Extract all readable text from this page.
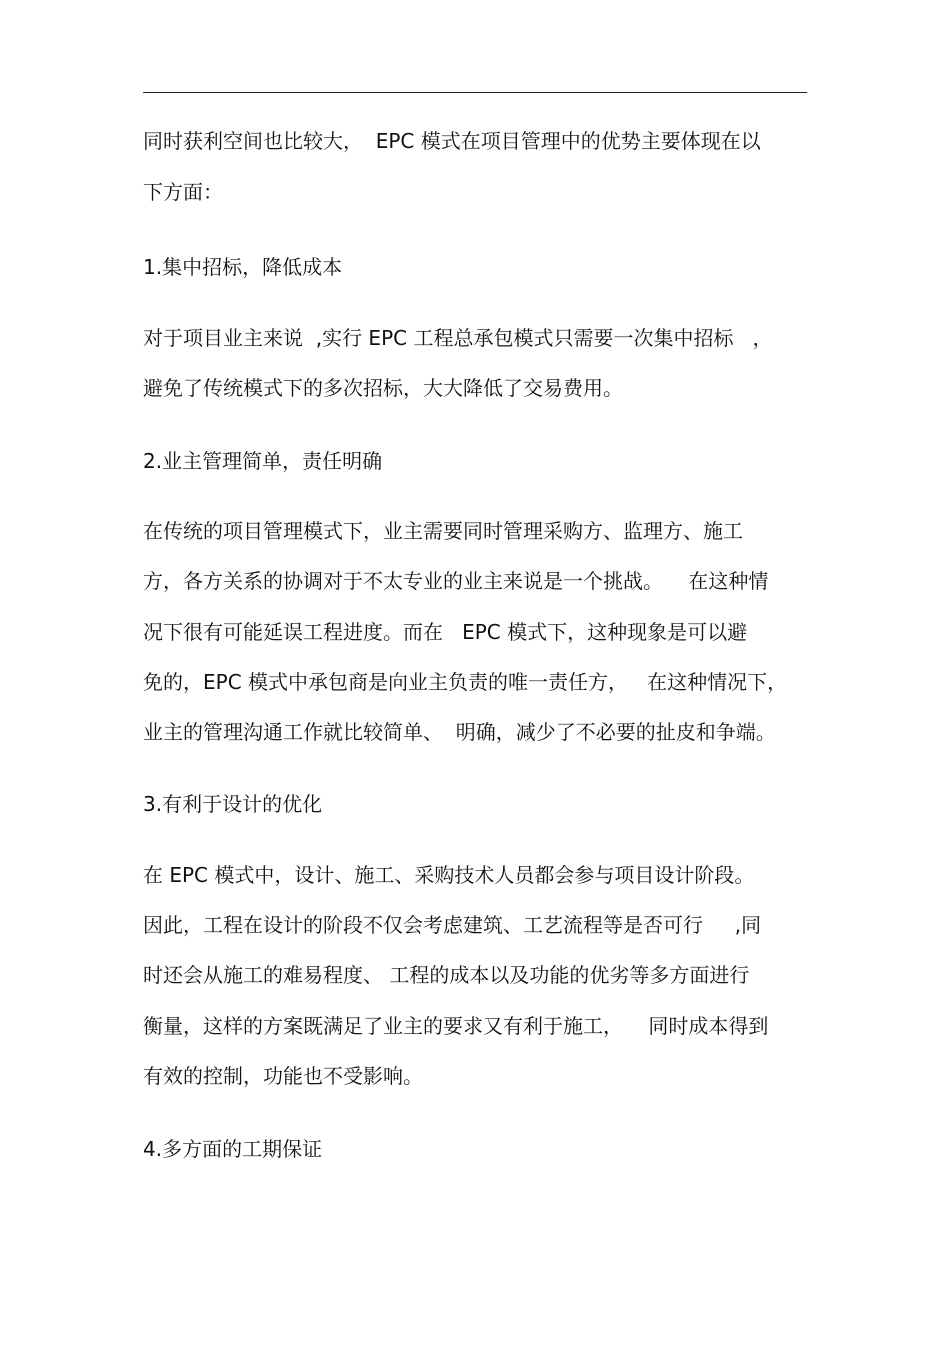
同时获利空间也比较大，  EPC 模式在项目管理中的优势主要体现在以
下方面：
1.集中招标，降低成本
对于项目业主来说  ,实行 EPC 工程总承包模式只需要一次集中招标   ，
避免了传统模式下的多次招标，大大降低了交易费用。
2.业主管理简单，责任明确
在传统的项目管理模式下，业主需要同时管理采购方、监理方、施工
方，各方关系的协调对于不太专业的业主来说是一个挑战。    在这种情
况下很有可能延误工程进度。而在   EPC 模式下，这种现象是可以避
免的，EPC 模式中承包商是向业主负责的唯一责任方，   在这种情况下，
业主的管理沟通工作就比较简单、  明确，减少了不必要的扯皮和争端。
3.有利于设计的优化
在 EPC 模式中，设计、施工、采购技术人员都会参与项目设计阶段。
因此，工程在设计的阶段不仅会考虑建筑、工艺流程等是否可行     ,同
时还会从施工的难易程度、 工程的成本以及功能的优劣等多方面进行
衡量，这样的方案既满足了业主的要求又有利于施工，    同时成本得到
有效的控制，功能也不受影响。
4.多方面的工期保证
